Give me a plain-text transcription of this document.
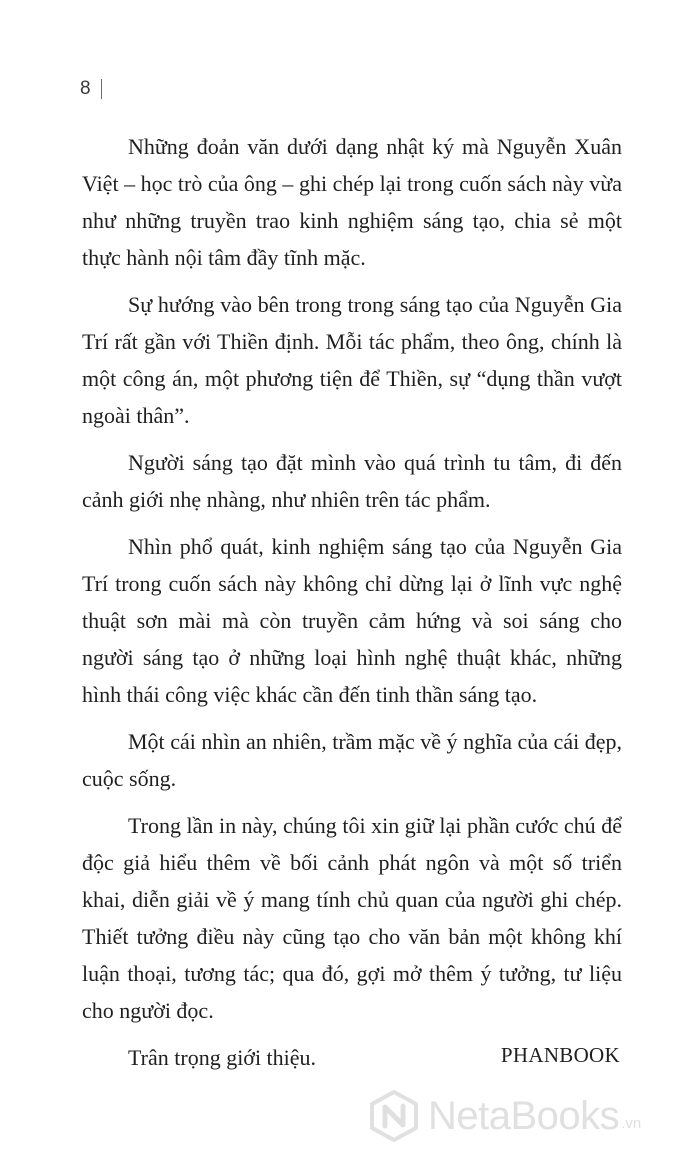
8

Những đoản văn dưới dạng nhật ký mà Nguyễn Xuân Việt – học trò của ông – ghi chép lại trong cuốn sách này vừa như những truyền trao kinh nghiệm sáng tạo, chia sẻ một thực hành nội tâm đầy tĩnh mặc.

Sự hướng vào bên trong trong sáng tạo của Nguyễn Gia Trí rất gần với Thiền định. Mỗi tác phẩm, theo ông, chính là một công án, một phương tiện để Thiền, sự “dụng thần vượt ngoài thân”.

Người sáng tạo đặt mình vào quá trình tu tâm, đi đến cảnh giới nhẹ nhàng, như nhiên trên tác phẩm.

Nhìn phổ quát, kinh nghiệm sáng tạo của Nguyễn Gia Trí trong cuốn sách này không chỉ dừng lại ở lĩnh vực nghệ thuật sơn mài mà còn truyền cảm hứng và soi sáng cho người sáng tạo ở những loại hình nghệ thuật khác, những hình thái công việc khác cần đến tinh thần sáng tạo.

Một cái nhìn an nhiên, trầm mặc về ý nghĩa của cái đẹp, cuộc sống.

Trong lần in này, chúng tôi xin giữ lại phần cước chú để độc giả hiểu thêm về bối cảnh phát ngôn và một số triển khai, diễn giải về ý mang tính chủ quan của người ghi chép. Thiết tưởng điều này cũng tạo cho văn bản một không khí luận thoại, tương tác; qua đó, gợi mở thêm ý tưởng, tư liệu cho người đọc.

Trân trọng giới thiệu.	PHANBOOK
NetaBooks .vn
